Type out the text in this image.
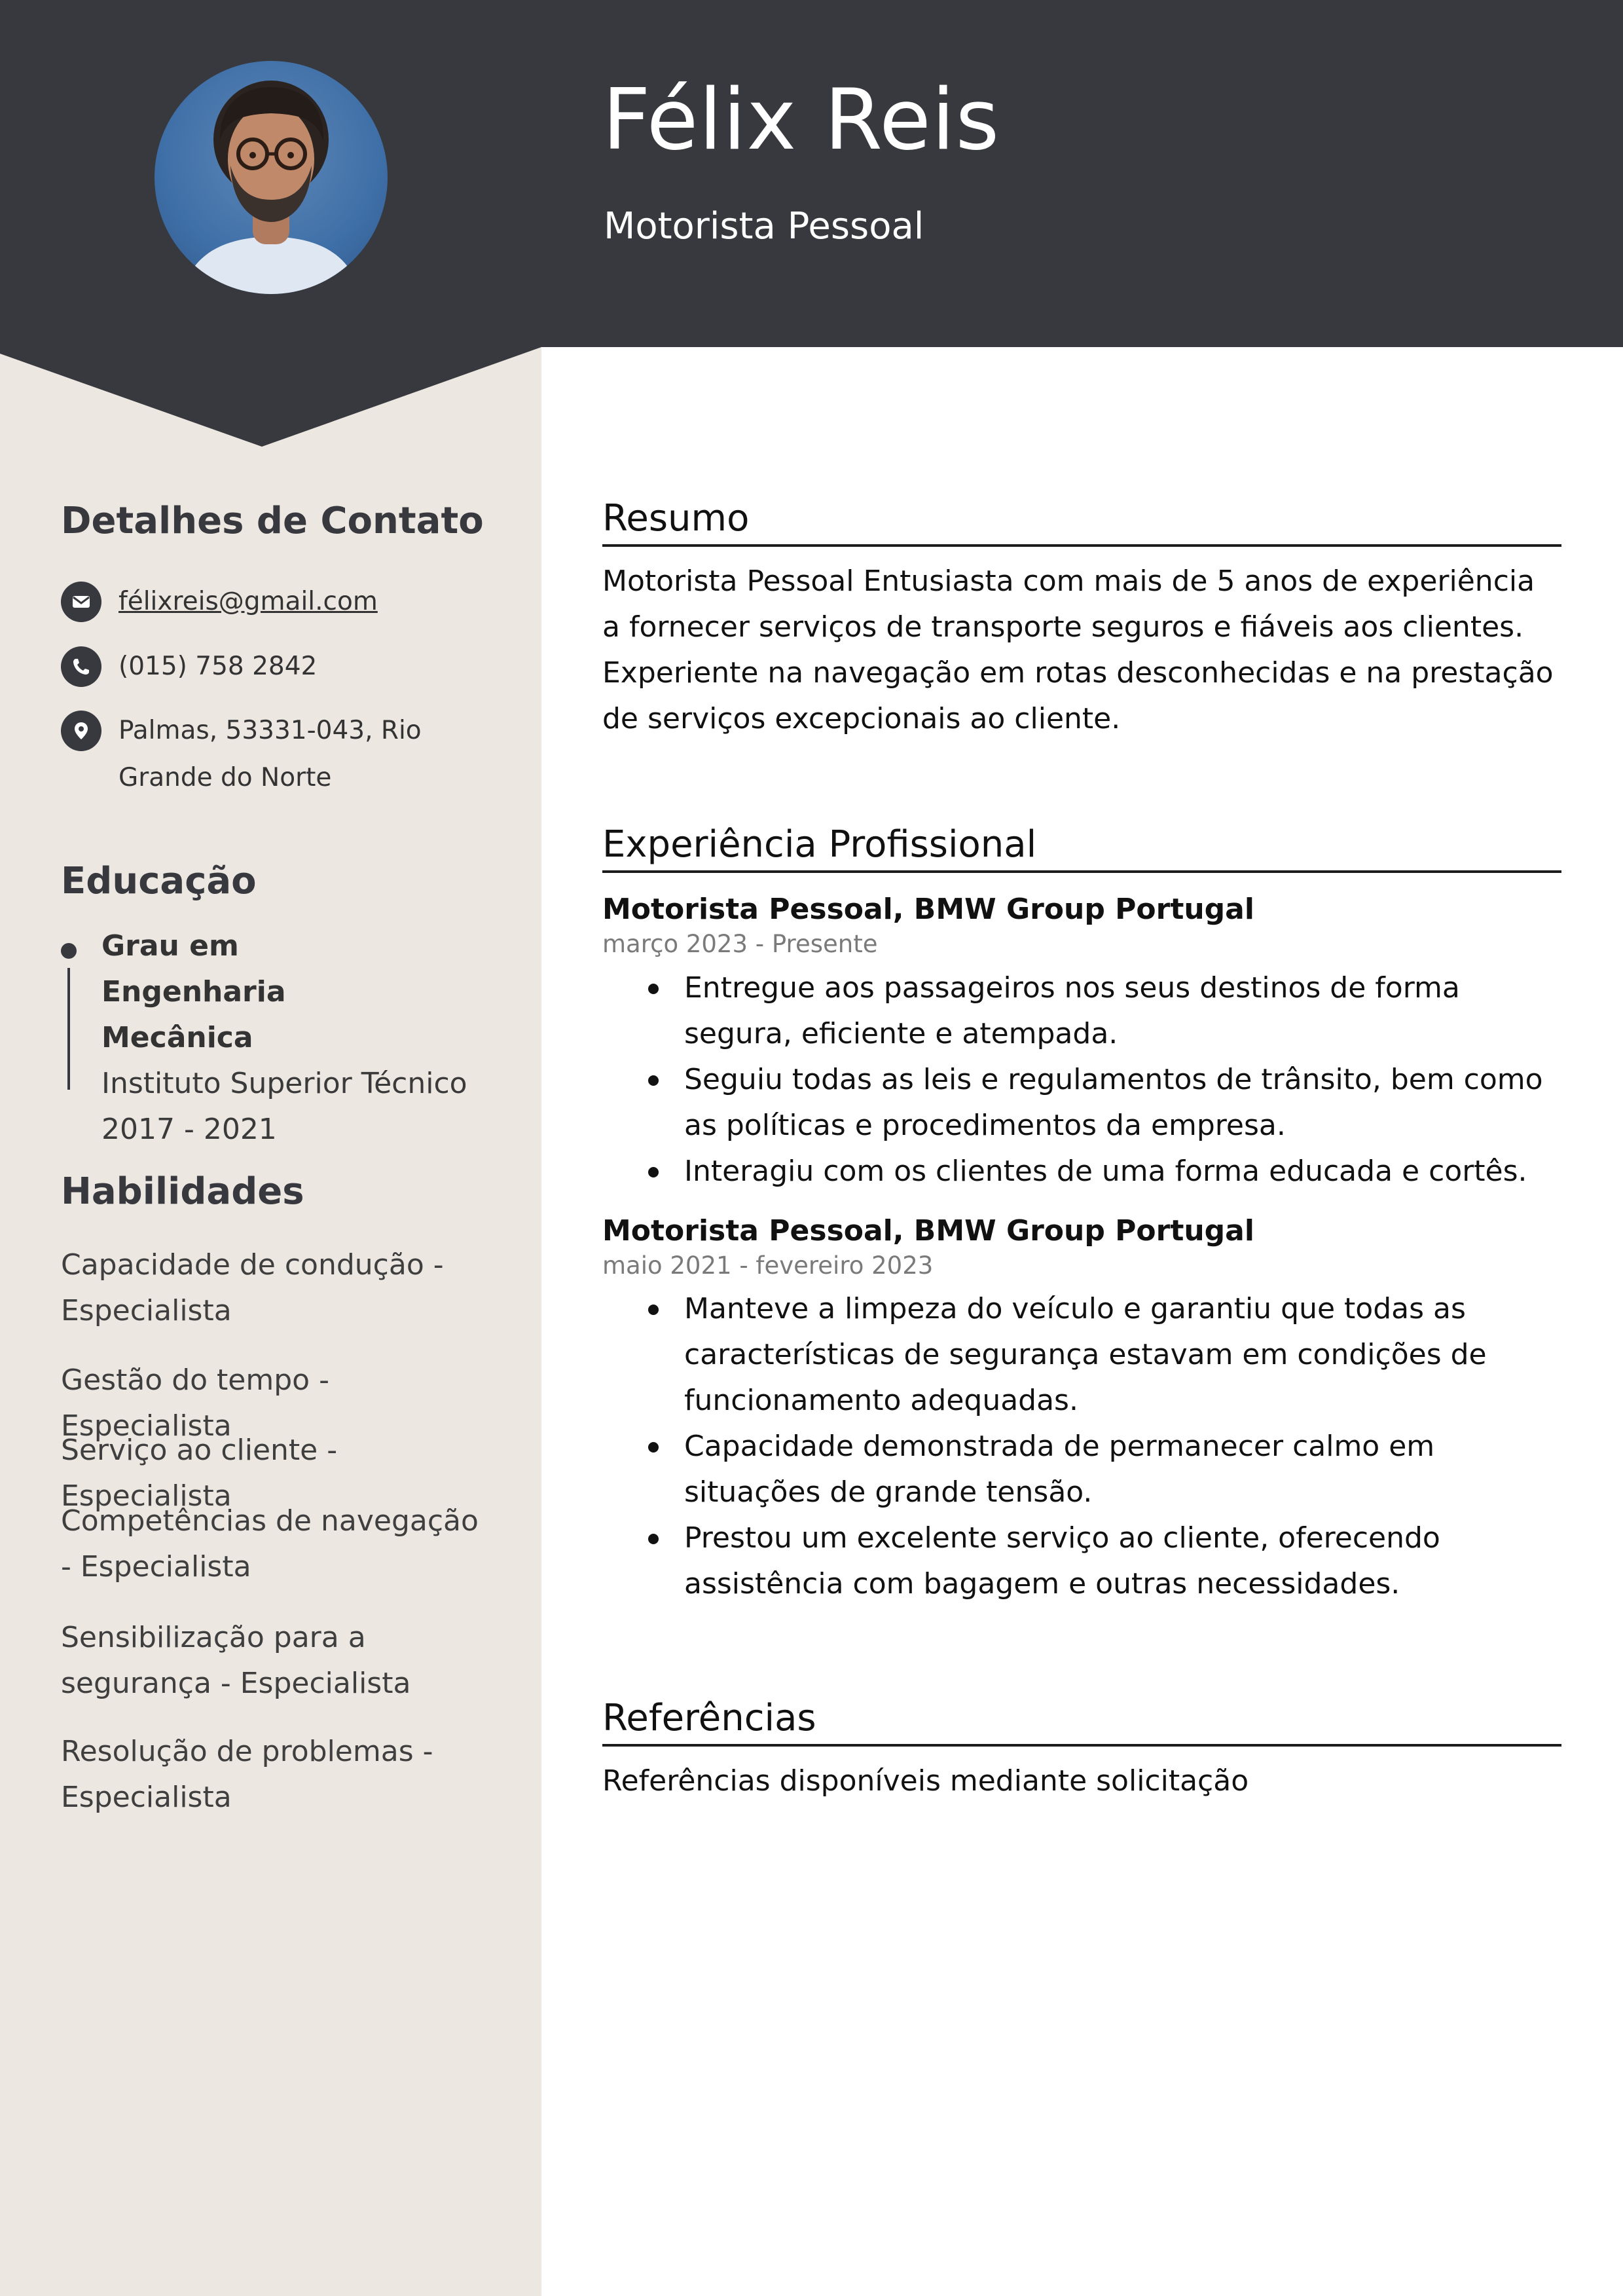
Félix Reis
Motorista Pessoal
Detalhes de Contato
félixreis@gmail.com
(015) 758 2842
Palmas, 53331-043, Rio Grande do Norte
Educação
Grau em Engenharia Mecânica
Instituto Superior Técnico
2017 - 2021
Habilidades
Capacidade de condução - Especialista
Gestão do tempo - Especialista
Serviço ao cliente - Especialista
Competências de navegação - Especialista
Sensibilização para a segurança - Especialista
Resolução de problemas - Especialista
Resumo
Motorista Pessoal Entusiasta com mais de 5 anos de experiência a fornecer serviços de transporte seguros e fiáveis aos clientes. Experiente na navegação em rotas desconhecidas e na prestação de serviços excepcionais ao cliente.
Experiência Profissional
Motorista Pessoal, BMW Group Portugal
março 2023 - Presente
Entregue aos passageiros nos seus destinos de forma segura, eficiente e atempada.
Seguiu todas as leis e regulamentos de trânsito, bem como as políticas e procedimentos da empresa.
Interagiu com os clientes de uma forma educada e cortês.
Motorista Pessoal, BMW Group Portugal
maio 2021 - fevereiro 2023
Manteve a limpeza do veículo e garantiu que todas as características de segurança estavam em condições de funcionamento adequadas.
Capacidade demonstrada de permanecer calmo em situações de grande tensão.
Prestou um excelente serviço ao cliente, oferecendo assistência com bagagem e outras necessidades.
Referências
Referências disponíveis mediante solicitação
